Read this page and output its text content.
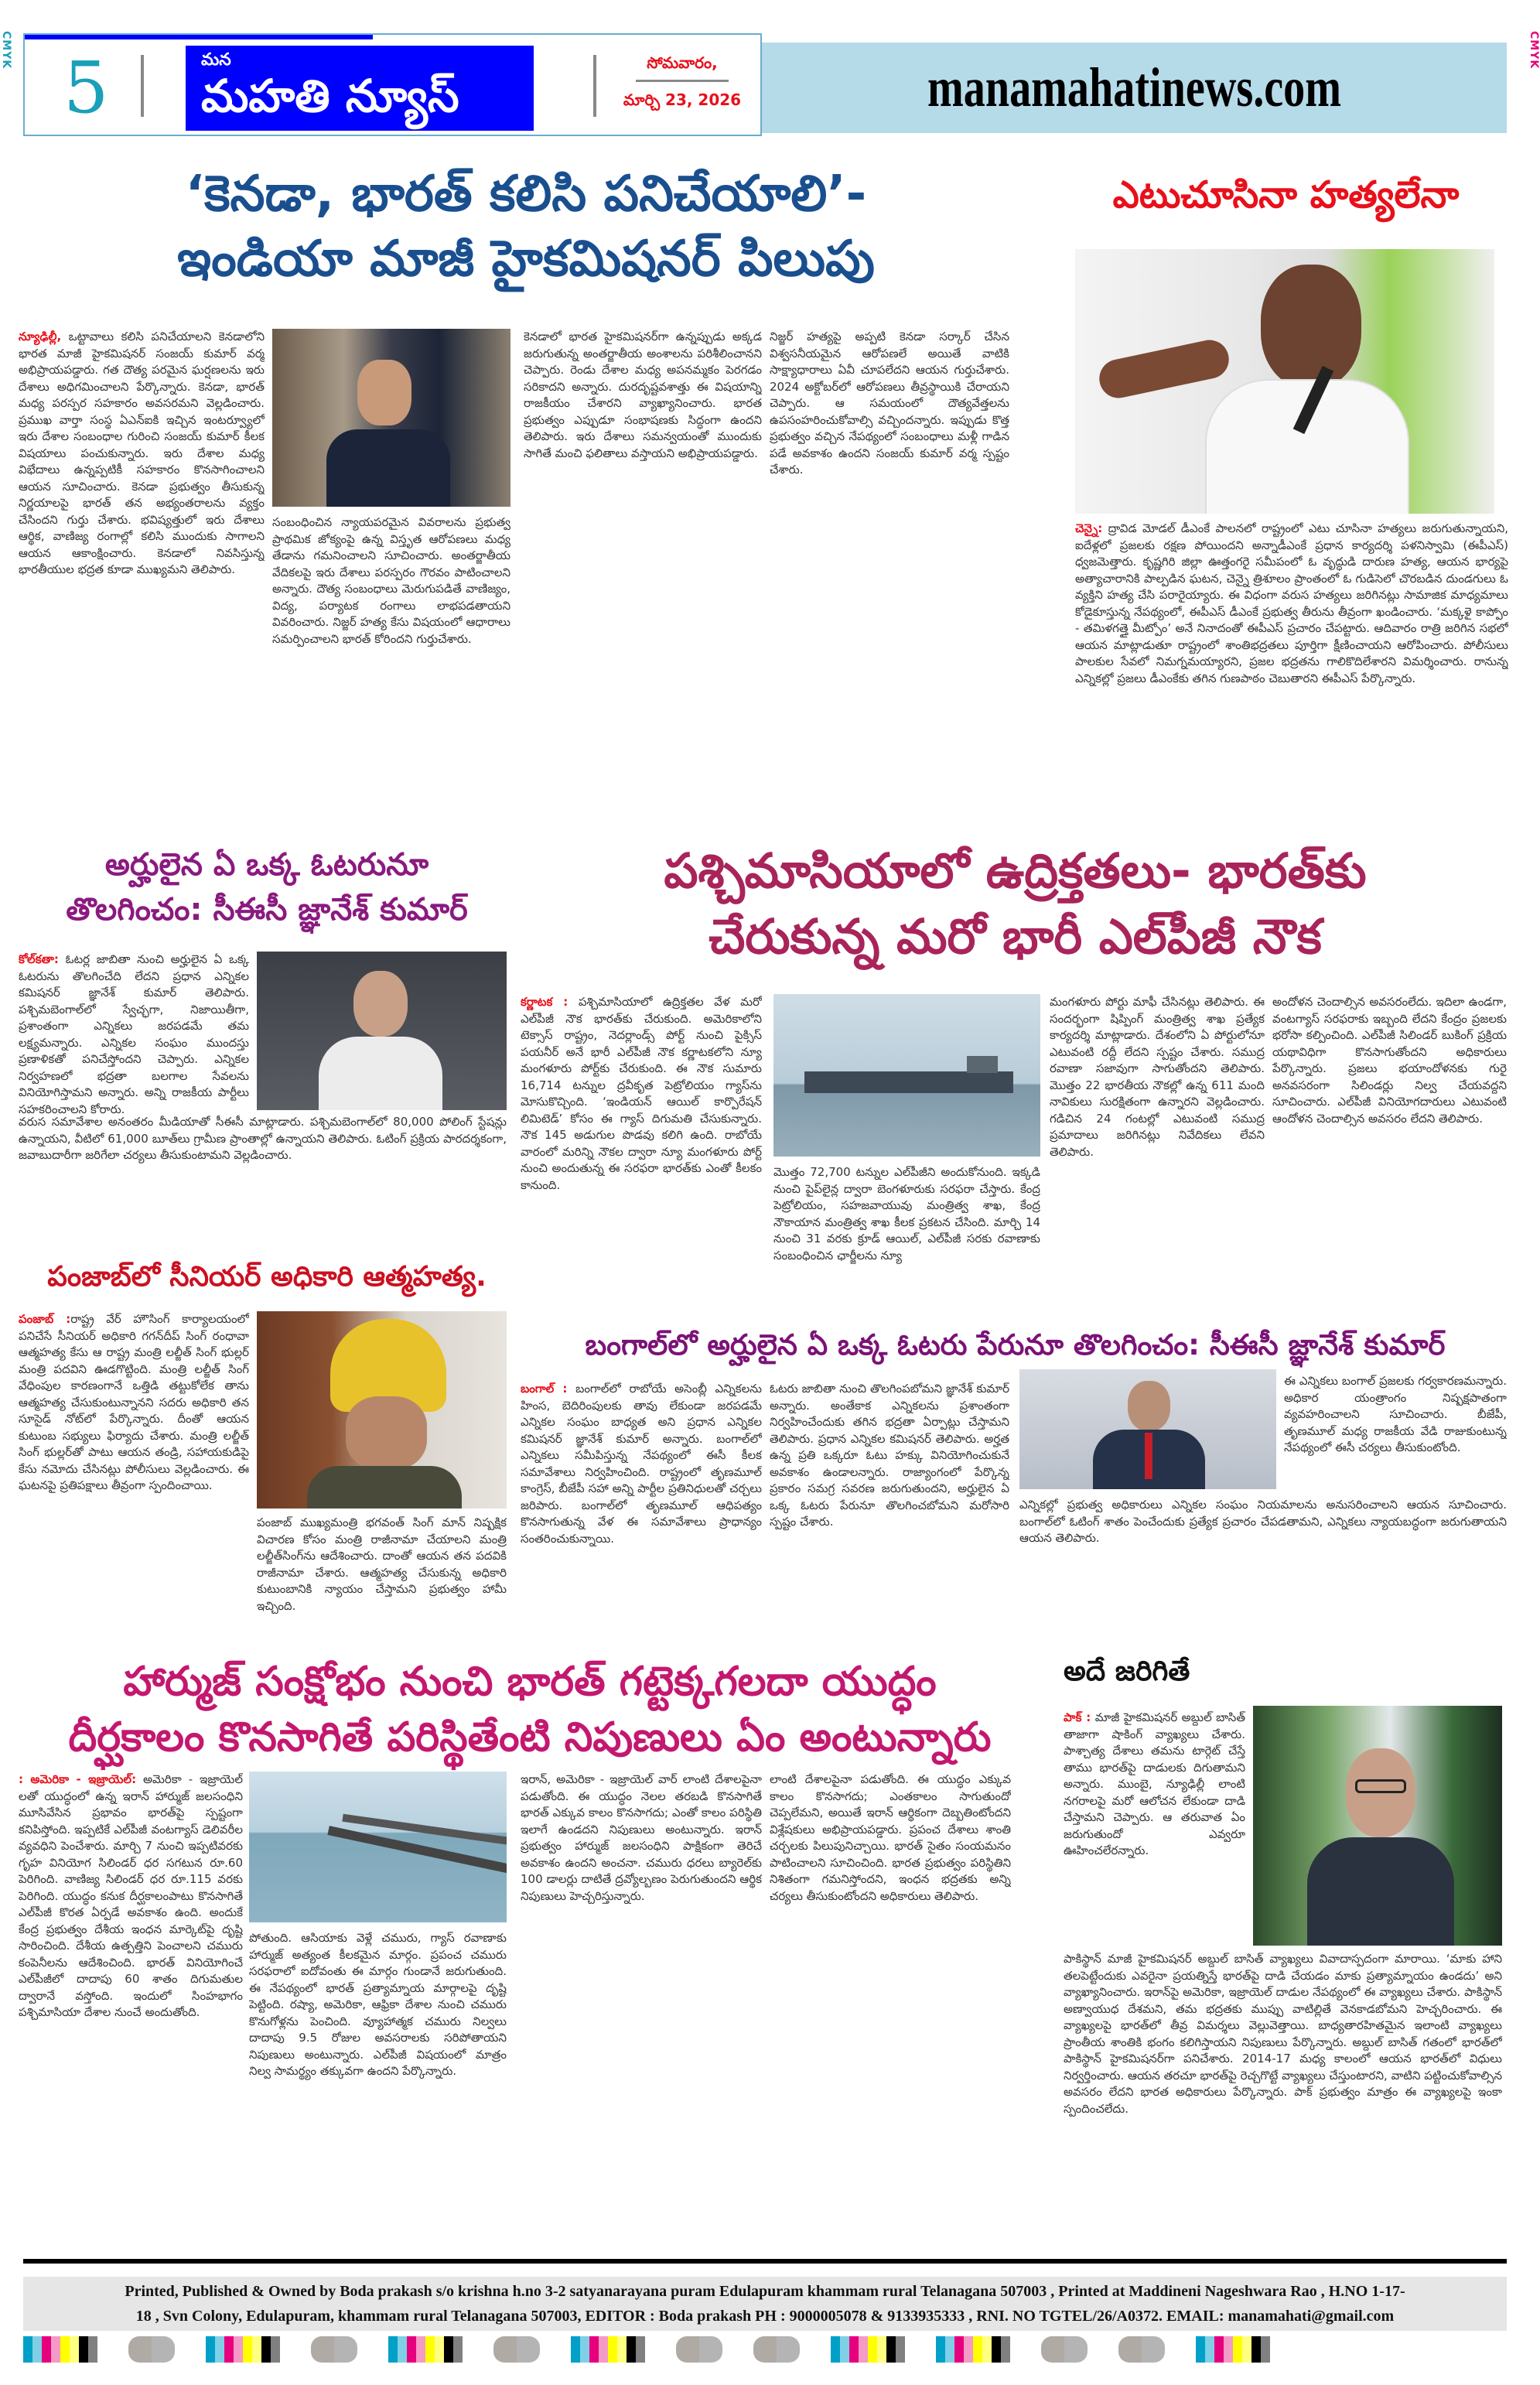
CMYK	CMYK
5	మన
మహతి న్యూస్
సోమవారం,
మార్చి 23, 2026	manamahatinews.com
‘కెనడా, భారత్ కలిసి పనిచేయాలి’-
ఇండియా మాజీ హైకమిషనర్ పిలుపు
న్యూఢిల్లీ, ఒట్టావాలు కలిసి పనిచేయాలని కెనడాలోని భారత మాజీ హైకమిషనర్ సంజయ్ కుమార్ వర్మ అభిప్రాయపడ్డారు. గత దౌత్య పరమైన ఘర్షణలను ఇరు దేశాలు అధిగమించాలని పేర్కొన్నారు. కెనడా, భారత్ మధ్య పరస్పర సహకారం అవసరమని వెల్లడించారు. ప్రముఖ వార్తా సంస్థ ఏఎన్ఐకి ఇచ్చిన ఇంటర్వ్యూలో ఇరు దేశాల సంబంధాల గురించి సంజయ్ కుమార్ కీలక విషయాలు పంచుకున్నారు. ఇరు దేశాల మధ్య విభేదాలు ఉన్నప్పటికీ సహకారం కొనసాగించాలని ఆయన సూచించారు. కెనడా ప్రభుత్వం తీసుకున్న నిర్ణయాలపై భారత్ తన అభ్యంతరాలను వ్యక్తం చేసిందని గుర్తు చేశారు. భవిష్యత్తులో ఇరు దేశాలు ఆర్థిక, వాణిజ్య రంగాల్లో కలిసి ముందుకు సాగాలని ఆయన ఆకాంక్షించారు. కెనడాలో నివసిస్తున్న భారతీయుల భద్రత కూడా ముఖ్యమని తెలిపారు.
సంబంధించిన న్యాయపరమైన వివరాలను ప్రభుత్వ ప్రాథమిక జోక్యంపై ఉన్న విస్తృత ఆరోపణలు మధ్య తేడాను గమనించాలని సూచించారు. అంతర్జాతీయ వేదికలపై ఇరు దేశాలు పరస్పరం గౌరవం పాటించాలని అన్నారు. దౌత్య సంబంధాలు మెరుగుపడితే వాణిజ్యం, విద్య, పర్యాటక రంగాలు లాభపడతాయని వివరించారు. నిజ్జర్ హత్య కేసు విషయంలో ఆధారాలు సమర్పించాలని భారత్ కోరిందని గుర్తుచేశారు.
కెనడాలో భారత హైకమిషనర్‌గా ఉన్నప్పుడు అక్కడ జరుగుతున్న అంతర్జాతీయ అంశాలను పరిశీలించానని చెప్పారు. రెండు దేశాల మధ్య అపనమ్మకం పెరగడం సరికాదని అన్నారు. దురదృష్టవశాత్తు ఈ విషయాన్ని రాజకీయం చేశారని వ్యాఖ్యానించారు. భారత ప్రభుత్వం ఎప్పుడూ సంభాషణకు సిద్ధంగా ఉందని తెలిపారు. ఇరు దేశాలు సమన్వయంతో ముందుకు సాగితే మంచి ఫలితాలు వస్తాయని అభిప్రాయపడ్డారు.
నిజ్జర్ హత్యపై అప్పటి కెనడా సర్కార్ చేసిన విశ్వసనీయమైన ఆరోపణలే అయితే వాటికి సాక్ష్యాధారాలు ఏవీ చూపలేదని ఆయన గుర్తుచేశారు. 2024 అక్టోబర్‌లో ఆరోపణలు తీవ్రస్థాయికి చేరాయని చెప్పారు. ఆ సమయంలో దౌత్యవేత్తలను ఉపసంహరించుకోవాల్సి వచ్చిందన్నారు. ఇప్పుడు కొత్త ప్రభుత్వం వచ్చిన నేపథ్యంలో సంబంధాలు మళ్లీ గాడిన పడే అవకాశం ఉందని సంజయ్ కుమార్ వర్మ స్పష్టం చేశారు.
ఎటుచూసినా హత్యలేనా
చెన్నై: ద్రావిడ మోడల్ డీఎంకే పాలనలో రాష్ట్రంలో ఎటు చూసినా హత్యలు జరుగుతున్నాయని, ఐదేళ్లలో ప్రజలకు రక్షణ పోయిందని అన్నాడీఎంకే ప్రధాన కార్యదర్శి పళనిస్వామి (ఈపీఎస్) ధ్వజమెత్తారు. కృష్ణగిరి జిల్లా ఊత్తంగరై సమీపంలో ఓ వృద్ధుడి దారుణ హత్య, ఆయన భార్యపై అత్యాచారానికి పాల్పడిన ఘటన, చెన్నై త్రిశూలం ప్రాంతంలో ఓ గుడిసెలో చొరబడిన దుండగులు ఓ వ్యక్తిని హత్య చేసి పరారైయ్యారు. ఈ విధంగా వరుస హత్యలు జరిగినట్లు సామాజిక మాధ్యమాలు కోడైకూస్తున్న నేపథ్యంలో, ఈపీఎస్ డీఎంకే ప్రభుత్వ తీరును తీవ్రంగా ఖండించారు. ‘మక్కళై కాప్పోం - తమిళగత్తై మీట్పోం’ అనే నినాదంతో ఈపీఎస్ ప్రచారం చేపట్టారు. ఆదివారం రాత్రి జరిగిన సభలో ఆయన మాట్లాడుతూ రాష్ట్రంలో శాంతిభద్రతలు పూర్తిగా క్షీణించాయని ఆరోపించారు. పోలీసులు పాలకుల సేవలో నిమగ్నమయ్యారని, ప్రజల భద్రతను గాలికొదిలేశారని విమర్శించారు. రానున్న ఎన్నికల్లో ప్రజలు డీఎంకేకు తగిన గుణపాఠం చెబుతారని ఈపీఎస్ పేర్కొన్నారు.
అర్హులైన ఏ ఒక్క ఓటరునూ
తొలగించం: సీఈసీ జ్ఞానేశ్ కుమార్
కోల్‌కతా: ఓటర్ల జాబితా నుంచి అర్హులైన ఏ ఒక్క ఓటరును తొలగించేది లేదని ప్రధాన ఎన్నికల కమిషనర్ జ్ఞానేశ్ కుమార్ తెలిపారు. పశ్చిమబెంగాల్‌లో స్వేచ్ఛగా, నిజాయితీగా, ప్రశాంతంగా ఎన్నికలు జరపడమే తమ లక్ష్యమన్నారు. ఎన్నికల సంఘం ముందస్తు ప్రణాళికతో పనిచేస్తోందని చెప్పారు. ఎన్నికల నిర్వహణలో భద్రతా బలగాల సేవలను వినియోగిస్తామని అన్నారు. అన్ని రాజకీయ పార్టీలు సహకరించాలని కోరారు.
వరుస సమావేశాల అనంతరం మీడియాతో సీఈసీ మాట్లాడారు. పశ్చిమబెంగాల్‌లో 80,000 పోలింగ్ స్టేషన్లు ఉన్నాయని, వీటిలో 61,000 బూత్‌లు గ్రామీణ ప్రాంతాల్లో ఉన్నాయని తెలిపారు. ఓటింగ్ ప్రక్రియ పారదర్శకంగా, జవాబుదారీగా జరిగేలా చర్యలు తీసుకుంటామని వెల్లడించారు.
పశ్చిమాసియాలో ఉద్రిక్తతలు- భారత్‌కు
చేరుకున్న మరో భారీ ఎల్‌పీజీ నౌక
కర్ణాటక : పశ్చిమాసియాలో ఉద్రిక్తతల వేళ మరో ఎల్‌పీజీ నౌక భారత్‌కు చేరుకుంది. అమెరికాలోని టెక్సాస్ రాష్ట్రం, నెదర్లాండ్స్ పోర్ట్ నుంచి పైక్సిస్ పయనీర్ అనే భారీ ఎల్‌పీజీ నౌక కర్ణాటకలోని న్యూ మంగళూరు పోర్ట్‌కు చేరుకుంది. ఈ నౌక సుమారు 16,714 టన్నుల ద్రవీకృత పెట్రోలియం గ్యాస్‌ను మోసుకొచ్చింది. ‘ఇండియన్ ఆయిల్ కార్పొరేషన్ లిమిటెడ్’ కోసం ఈ గ్యాస్ దిగుమతి చేసుకున్నారు. నౌక 145 అడుగుల పొడవు కలిగి ఉంది. రాబోయే వారంలో మరిన్ని నౌకల ద్వారా న్యూ మంగళూరు పోర్ట్ నుంచి అందుతున్న ఈ సరఫరా భారత్‌కు ఎంతో కీలకం కానుంది.
మొత్తం 72,700 టన్నుల ఎల్‌పీజీని అందుకోనుంది. ఇక్కడి నుంచి పైప్‌లైన్ల ద్వారా బెంగళూరుకు సరఫరా చేస్తారు. కేంద్ర పెట్రోలియం, సహజవాయువు మంత్రిత్వ శాఖ, కేంద్ర నౌకాయాన మంత్రిత్వ శాఖ కీలక ప్రకటన చేసింది. మార్చి 14 నుంచి 31 వరకు క్రూడ్ ఆయిల్, ఎల్‌పీజీ సరకు రవాణాకు సంబంధించిన ఛార్జీలను న్యూ
మంగళూరు పోర్టు మాఫీ చేసినట్లు తెలిపారు. ఈ సందర్భంగా షిప్పింగ్ మంత్రిత్వ శాఖ ప్రత్యేక కార్యదర్శి మాట్లాడారు. దేశంలోని ఏ పోర్టులోనూ ఎటువంటి రద్దీ లేదని స్పష్టం చేశారు. సముద్ర రవాణా సజావుగా సాగుతోందని తెలిపారు. మొత్తం 22 భారతీయ నౌకల్లో ఉన్న 611 మంది నావికులు సురక్షితంగా ఉన్నారని వెల్లడించారు. గడిచిన 24 గంటల్లో ఎటువంటి సముద్ర ప్రమాదాలు జరిగినట్లు నివేదికలు లేవని తెలిపారు.
అందోళన చెందాల్సిన అవసరంలేదు. ఇదిలా ఉండగా, వంటగ్యాస్ సరఫరాకు ఇబ్బంది లేదని కేంద్రం ప్రజలకు భరోసా కల్పించింది. ఎల్‌పీజీ సిలిండర్ బుకింగ్ ప్రక్రియ యథావిధిగా కొనసాగుతోందని అధికారులు పేర్కొన్నారు. ప్రజలు భయాందోళనకు గురై అనవసరంగా సిలిండర్లు నిల్వ చేయవద్దని సూచించారు. ఎల్‌పీజీ వినియోగదారులు ఎటువంటి ఆందోళన చెందాల్సిన అవసరం లేదని తెలిపారు.
పంజాబ్‌లో సీనియర్ అధికారి ఆత్మహత్య.
పంజాబ్ :రాష్ట్ర వేర్ హౌసింగ్ కార్యాలయంలో పనిచేసే సీనియర్ అధికారి గగన్‌దీప్ సింగ్ రంధావా ఆత్మహత్య కేసు ఆ రాష్ట్ర మంత్రి లల్జీత్ సింగ్ భుల్లర్ మంత్రి పదవిని ఊడగొట్టింది. మంత్రి లల్జీత్ సింగ్ వేధింపుల కారణంగానే ఒత్తిడి తట్టుకోలేక తాను ఆత్మహత్య చేసుకుంటున్నానని సదరు అధికారి తన సూసైడ్ నోట్‌లో పేర్కొన్నారు. దీంతో ఆయన కుటుంబ సభ్యులు ఫిర్యాదు చేశారు. మంత్రి లల్జీత్ సింగ్ భుల్లర్‌తో పాటు ఆయన తండ్రి, సహాయకుడిపై కేసు నమోదు చేసినట్లు పోలీసులు వెల్లడించారు. ఈ ఘటనపై ప్రతిపక్షాలు తీవ్రంగా స్పందించాయి.
పంజాబ్ ముఖ్యమంత్రి భగవంత్ సింగ్ మాన్ నిష్పక్షిక విచారణ కోసం మంత్రి రాజీనామా చేయాలని మంత్రి లల్జీత్‌సింగ్‌ను ఆదేశించారు. దాంతో ఆయన తన పదవికి రాజీనామా చేశారు. ఆత్మహత్య చేసుకున్న అధికారి కుటుంబానికి న్యాయం చేస్తామని ప్రభుత్వం హామీ ఇచ్చింది.
బంగాల్‌లో అర్హులైన ఏ ఒక్క ఓటరు పేరునూ తొలగించం: సీఈసీ జ్ఞానేశ్ కుమార్
బంగాల్ : బంగాల్‌లో రాబోయే అసెంబ్లీ ఎన్నికలను హింస, బెదిరింపులకు తావు లేకుండా జరపడమే ఎన్నికల సంఘం బాధ్యత అని ప్రధాన ఎన్నికల కమిషనర్ జ్ఞానేశ్ కుమార్ అన్నారు. బంగాల్‌లో ఎన్నికలు సమీపిస్తున్న నేపథ్యంలో ఈసీ కీలక సమావేశాలు నిర్వహించింది. రాష్ట్రంలో తృణమూల్ కాంగ్రెస్, బీజేపీ సహా అన్ని పార్టీల ప్రతినిధులతో చర్చలు జరిపారు. బంగాల్‌లో తృణమూల్ ఆధిపత్యం కొనసాగుతున్న వేళ ఈ సమావేశాలు ప్రాధాన్యం సంతరించుకున్నాయి.
ఓటరు జాబితా నుంచి తొలగింపబోమని జ్ఞానేశ్ కుమార్ అన్నారు. అంతేకాక ఎన్నికలను ప్రశాంతంగా నిర్వహించేందుకు తగిన భద్రతా ఏర్పాట్లు చేస్తామని తెలిపారు. ప్రధాన ఎన్నికల కమిషనర్ తెలిపారు. అర్హత ఉన్న ప్రతి ఒక్కరూ ఓటు హక్కు వినియోగించుకునే అవకాశం ఉండాలన్నారు. రాజ్యాంగంలో పేర్కొన్న ప్రకారం సమగ్ర సవరణ జరుగుతుందని, అర్హులైన ఏ ఒక్క ఓటరు పేరునూ తొలగించబోమని మరోసారి స్పష్టం చేశారు.
ఈ ఎన్నికలు బంగాల్ ప్రజలకు గర్వకారణమన్నారు. అధికార యంత్రాంగం నిష్పక్షపాతంగా వ్యవహరించాలని సూచించారు. బీజేపీ, తృణమూల్ మధ్య రాజకీయ వేడి రాజుకుంటున్న నేపథ్యంలో ఈసీ చర్యలు తీసుకుంటోంది.
ఎన్నికల్లో ప్రభుత్వ అధికారులు ఎన్నికల సంఘం నియమాలను అనుసరించాలని ఆయన సూచించారు. బంగాల్‌లో ఓటింగ్ శాతం పెంచేందుకు ప్రత్యేక ప్రచారం చేపడతామని, ఎన్నికలు న్యాయబద్ధంగా జరుగుతాయని ఆయన తెలిపారు.
హార్ముజ్ సంక్షోభం నుంచి భారత్ గట్టెక్కగలదా యుద్ధం
దీర్ఘకాలం కొనసాగితే పరిస్థితేంటి నిపుణులు ఏం అంటున్నారు
: అమెరికా - ఇజ్రాయెల్: అమెరికా - ఇజ్రాయెల్ లతో యుద్ధంలో ఉన్న ఇరాన్ హార్ముజ్ జలసంధిని మూసివేసిన ప్రభావం భారత్‌పై స్పష్టంగా కనిపిస్తోంది. ఇప్పటికే ఎల్‌పీజీ వంటగ్యాస్ డెలివరీల వ్యవధిని పెంచేశారు. మార్చి 7 నుంచి ఇప్పటివరకు గృహ వినియోగ సిలిండర్ ధర సగటున రూ.60 పెరిగింది. వాణిజ్య సిలిండర్ ధర రూ.115 వరకు పెరిగింది. యుద్ధం కనుక దీర్ఘకాలంపాటు కొనసాగితే ఎల్‌పీజీ కొరత ఏర్పడే అవకాశం ఉంది. అందుకే కేంద్ర ప్రభుత్వం దేశీయ ఇంధన మార్కెట్‌పై దృష్టి సారించింది. దేశీయ ఉత్పత్తిని పెంచాలని చమురు కంపెనీలను ఆదేశించింది. భారత్ వినియోగించే ఎల్‌పీజీలో దాదాపు 60 శాతం దిగుమతుల ద్వారానే వస్తోంది. ఇందులో సింహభాగం పశ్చిమాసియా దేశాల నుంచే అందుతోంది.
పోతుంది. ఆసియాకు వెళ్లే చమురు, గ్యాస్ రవాణాకు హార్ముజ్ అత్యంత కీలకమైన మార్గం. ప్రపంచ చమురు సరఫరాలో ఐదోవంతు ఈ మార్గం గుండానే జరుగుతుంది. ఈ నేపథ్యంలో భారత్ ప్రత్యామ్నాయ మార్గాలపై దృష్టి పెట్టింది. రష్యా, అమెరికా, ఆఫ్రికా దేశాల నుంచి చమురు కొనుగోళ్లను పెంచింది. వ్యూహాత్మక చమురు నిల్వలు దాదాపు 9.5 రోజుల అవసరాలకు సరిపోతాయని నిపుణులు అంటున్నారు. ఎల్‌పీజీ విషయంలో మాత్రం నిల్వ సామర్థ్యం తక్కువగా ఉందని పేర్కొన్నారు.
ఇరాన్, అమెరికా - ఇజ్రాయెల్ వార్ లాంటి దేశాలపైనా పడుతోంది. ఈ యుద్ధం నెలల తరబడి కొనసాగితే భారత్ ఎక్కువ కాలం కొనసాగదు; ఎంతో కాలం పరిస్థితి ఇలాగే ఉండదని నిపుణులు అంటున్నారు. ఇరాన్ ప్రభుత్వం హార్ముజ్ జలసంధిని పాక్షికంగా తెరిచే అవకాశం ఉందని అంచనా. చమురు ధరలు బ్యారెల్‌కు 100 డాలర్లు దాటితే ద్రవ్యోల్బణం పెరుగుతుందని ఆర్థిక నిపుణులు హెచ్చరిస్తున్నారు.
లాంటి దేశాలపైనా పడుతోంది. ఈ యుద్ధం ఎక్కువ కాలం కొనసాగదు; ఎంతకాలం సాగుతుందో చెప్పలేమని, అయితే ఇరాన్ ఆర్థికంగా దెబ్బతింటోందని విశ్లేషకులు అభిప్రాయపడ్డారు. ప్రపంచ దేశాలు శాంతి చర్చలకు పిలుపునిచ్చాయి. భారత్ సైతం సంయమనం పాటించాలని సూచించింది. భారత ప్రభుత్వం పరిస్థితిని నిశితంగా గమనిస్తోందని, ఇంధన భద్రతకు అన్ని చర్యలు తీసుకుంటోందని అధికారులు తెలిపారు.
అదే జరిగితే
పాక్ : మాజీ హైకమిషనర్ అబ్దుల్ బాసిత్ తాజాగా షాకింగ్ వ్యాఖ్యలు చేశారు. పాశ్చాత్య దేశాలు తమను టార్గెట్ చేస్తే తాము భారత్‌పై దాడులకు దిగుతామని అన్నారు. ముంబై, న్యూఢిల్లీ లాంటి నగరాలపై మరో ఆలోచన లేకుండా దాడి చేస్తామని చెప్పారు. ఆ తరువాత ఏం జరుగుతుందో ఎవ్వరూ ఊహించలేరన్నారు.
పాకిస్థాన్ మాజీ హైకమిషనర్ అబ్దుల్ బాసిత్ వ్యాఖ్యలు వివాదాస్పదంగా మారాయి. ‘మాకు హాని తలపెట్టేందుకు ఎవరైనా ప్రయత్నిస్తే భారత్‌పై దాడి చేయడం మాకు ప్రత్యామ్నాయం ఉండదు’ అని వ్యాఖ్యానించారు. ఇరాన్‌పై అమెరికా, ఇజ్రాయెల్ దాడుల నేపథ్యంలో ఈ వ్యాఖ్యలు చేశారు. పాకిస్థాన్ అణ్వాయుధ దేశమని, తమ భద్రతకు ముప్పు వాటిల్లితే వెనకాడబోమని హెచ్చరించారు. ఈ వ్యాఖ్యలపై భారత్‌లో తీవ్ర విమర్శలు వెల్లువెత్తాయి. బాధ్యతారహితమైన ఇలాంటి వ్యాఖ్యలు ప్రాంతీయ శాంతికి భంగం కలిగిస్తాయని నిపుణులు పేర్కొన్నారు. అబ్దుల్ బాసిత్ గతంలో భారత్‌లో పాకిస్థాన్ హైకమిషనర్‌గా పనిచేశారు. 2014-17 మధ్య కాలంలో ఆయన భారత్‌లో విధులు నిర్వర్తించారు. ఆయన తరచూ భారత్‌పై రెచ్చగొట్టే వ్యాఖ్యలు చేస్తుంటారని, వాటిని పట్టించుకోవాల్సిన అవసరం లేదని భారత అధికారులు పేర్కొన్నారు. పాక్ ప్రభుత్వం మాత్రం ఈ వ్యాఖ్యలపై ఇంకా స్పందించలేదు.
Printed, Published & Owned by Boda prakash s/o krishna h.no 3-2 satyanarayana puram Edulapuram khammam rural Telanagana 507003 , Printed at Maddineni Nageshwara Rao , H.NO 1-17-
18 , Svn Colony, Edulapuram, khammam rural Telanagana 507003, EDITOR : Boda prakash PH : 9000005078 & 9133935333 , RNI. NO TGTEL/26/A0372. EMAIL: manamahati@gmail.com
